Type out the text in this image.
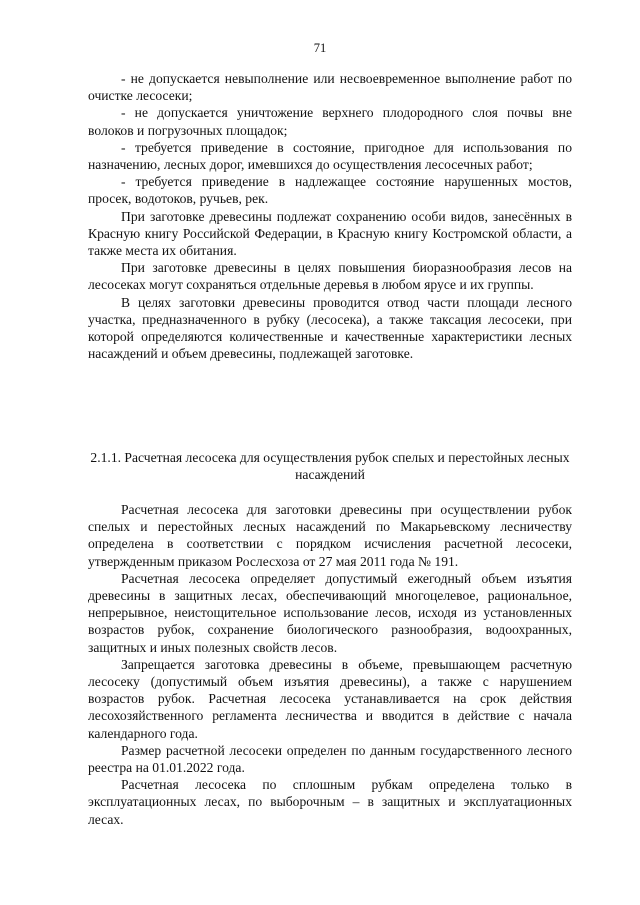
71

- не допускается невыполнение или несвоевременное выполнение работ по очистке лесосеки;

- не допускается уничтожение верхнего плодородного слоя почвы вне волоков и погрузочных площадок;

- требуется приведение в состояние, пригодное для использования по назначению, лесных дорог, имевшихся до осуществления лесосечных работ;

- требуется приведение в надлежащее состояние нарушенных мостов, просек, водотоков, ручьев, рек.

При заготовке древесины подлежат сохранению особи видов, занесённых в Красную книгу Российской Федерации, в Красную книгу Костромской области, а также места их обитания.

При заготовке древесины в целях повышения биоразнообразия лесов на лесосеках могут сохраняться отдельные деревья в любом ярусе и их группы.

В целях заготовки древесины проводится отвод части площади лесного участка, предназначенного в рубку (лесосека), а также таксация лесосеки, при которой определяются количественные и качественные характеристики лесных насаждений и объем древесины, подлежащей заготовке.

2.1.1. Расчетная лесосека для осуществления рубок спелых и перестойных лесных насаждений

Расчетная лесосека для заготовки древесины при осуществлении рубок спелых и перестойных лесных насаждений по Макарьевскому лесничеству определена в соответствии с порядком исчисления расчетной лесосеки, утвержденным приказом Рослесхоза от 27 мая 2011 года № 191.

Расчетная лесосека определяет допустимый ежегодный объем изъятия древесины в защитных лесах, обеспечивающий многоцелевое, рациональное, непрерывное, неистощительное использование лесов, исходя из установленных возрастов рубок, сохранение биологического разнообразия, водоохранных, защитных и иных полезных свойств лесов.

Запрещается заготовка древесины в объеме, превышающем расчетную лесосеку (допустимый объем изъятия древесины), а также с нарушением возрастов рубок. Расчетная лесосека устанавливается на срок действия лесохозяйственного регламента лесничества и вводится в действие с начала календарного года.

Размер расчетной лесосеки определен по данным государственного лесного реестра на 01.01.2022 года.

Расчетная лесосека по сплошным рубкам определена только в эксплуатационных лесах, по выборочным – в защитных и эксплуатационных лесах.
